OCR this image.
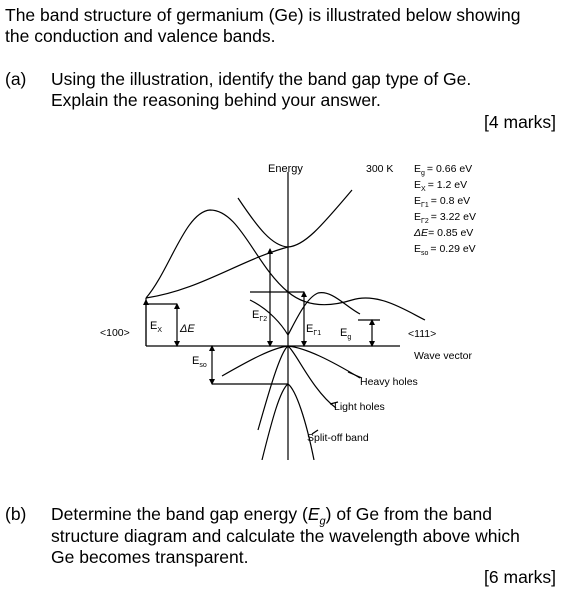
The band structure of germanium (Ge) is illustrated below showing
the conduction and valence bands.
(a) Using the illustration, identify the band gap type of Ge.
Explain the reasoning behind your answer.
[4 marks]
Energy
<100>	<111>
Wave vector
Heavy holes
Light holes
Split-off band
$E_X$ ΔE
$E_{\Gamma 2}$
$E_{\Gamma 1}$ $E_g$
$E_{so}$
300 K $E_g = 0.66$ eV
$E_X = 1.2$ eV
$E_{\Gamma 1} = 0.8$ eV
$E_{\Gamma 2} = 3.22$ eV
ΔE= 0.85 eV
$E_{so} = 0.29$ eV
(b) Determine the band gap energy $(E_g)$ of Ge from the band
structure diagram and calculate the wavelength above which
Ge becomes transparent.
[6 marks]
